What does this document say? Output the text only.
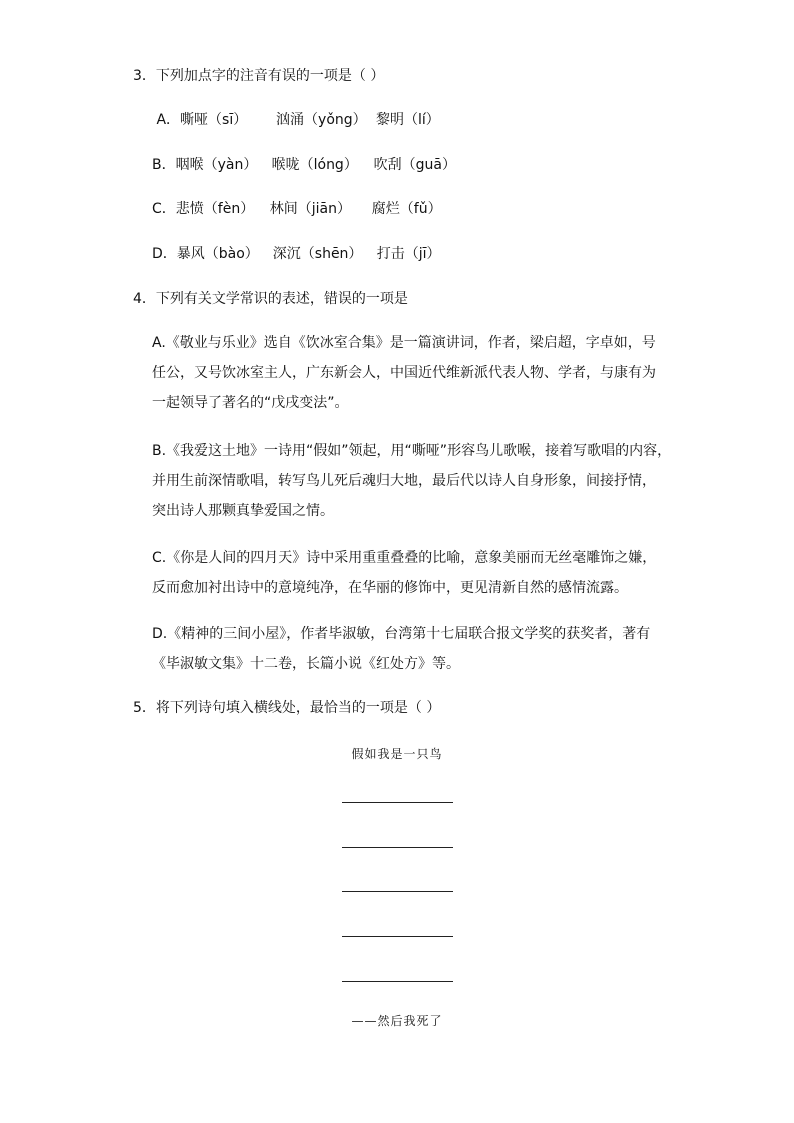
3．下列加点字的注音有误的一项是（ ）
A．嘶哑（sī） 汹涌（yǒng） 黎明（lí）
B．咽喉（yàn） 喉咙（lóng） 吹刮（guā）
C．悲愤（fèn） 林间（jiān） 腐烂（fǔ）
D．暴风（bào） 深沉（shēn） 打击（jī）
4．下列有关文学常识的表述，错误的一项是
A.《敬业与乐业》选自《饮冰室合集》是一篇演讲词，作者，梁启超，字卓如，号
任公，又号饮冰室主人，广东新会人，中国近代维新派代表人物、学者，与康有为
一起领导了著名的“戊戌变法”。
B.《我爱这土地》一诗用“假如”领起，用“嘶哑”形容鸟儿歌喉，接着写歌唱的内容，
并用生前深情歌唱，转写鸟儿死后魂归大地，最后代以诗人自身形象，间接抒情，
突出诗人那颗真挚爱国之情。
C.《你是人间的四月天》诗中采用重重叠叠的比喻，意象美丽而无丝毫雕饰之嫌，
反而愈加衬出诗中的意境纯净，在华丽的修饰中，更见清新自然的感情流露。
D.《精神的三间小屋》，作者毕淑敏，台湾第十七届联合报文学奖的获奖者，著有
《毕淑敏文集》十二卷，长篇小说《红处方》等。
5．将下列诗句填入横线处，最恰当的一项是（ ）
假如我是一只鸟
——然后我死了
